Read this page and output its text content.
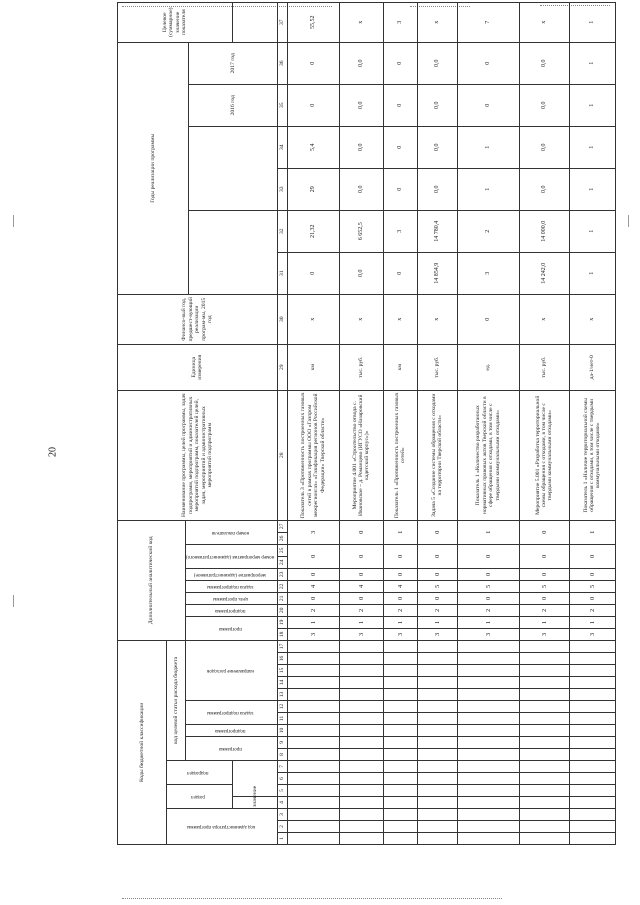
20
Коды бюджетной классификации																	Дополнительный аналитический код										Наименование программы, целей программы, задач подпрограмм, мероприятий и административных мероприятий подпрограмм, показателей целей, задач, мероприятий и административных мероприятий подпрограмм	Единица измерения	Финансо-вый год, предшест-вующий реализации програм-мы, 2015 год	Годы реализации программы						Целевое (суммарное) значение показателя	
код администратора программы			раздел		подраздел		код целевой статьи расхода бюджета																														
							программа		подпрограмма	задача подпрограммы		направление расходов					программа		подпрограмма	цель программы	задача подпрограммы	мероприятие (административное)	номер мероприятия (административного)		номер показателя												
																																		2016 год	2017 год				
			значение																																		
1	2	3	4	5	6	7	8	9	10	11	12	13	14	15	16	17	18	19	20	21	22	23	24	25	26	27	28	29	30	31	32	33	34	35	36	37	
																	3	1	2	0	4	0	0		3		Показатель 3 «Протяженность построенных газовых сетей в рамках программы ООО «Газпром межрегионгаз» «Газификация регионов Российской Федерации» Тверской области»	км	х	0	21,32	29	5,4	0	0	55,52	
																	3	1	2	0	4	0	0		0		Мероприятие 4.001 «Строительство отвода с. Ивановское – д. Романцево (ИГУСО «Назаровский кадетский корпус»)»	тыс. руб.	х	0,0	6 652,5	0,0	0,0	0,0	0,0	х	
																	3	1	2	0	4	0	0		1		Показатель 1 «Протяженность построенных газовых сетей»	км	х	0	3	0	0	0	0	3	
																	3	1	2	0	5	0	0		0		Задача 5 «Создание системы обращения с отходами на территории Тверской области»	тыс. руб.	х	14 854,9	14 780,4	0,0	0,0	0,0	0,0	х	
																	3	1	2	0	5	0	0		1		Показатель 1 «Количество разработанных нормативных правовых актов Тверской области в сфере обращения с отходами, в том числе с твердыми коммунальными отходами»	ед.	0	3	2	1	1	0	0	7	
																	3	1	2	0	5	0	0		0		Мероприятие 5.001 «Разработка территориальной схемы обращения с отходами, в том числе с твердыми коммунальными отходами»	тыс. руб.	х	14 242,0	14 000,0	0,0	0,0	0,0	0,0	х	
																	3	1	2	0	5	0	0		1		Показатель 1 «Наличие территориальной схемы обращения с отходами, в том числе с твердыми коммунальными отходами»	да-1/нет-0	х	1	1	1	1	1	1	1	
